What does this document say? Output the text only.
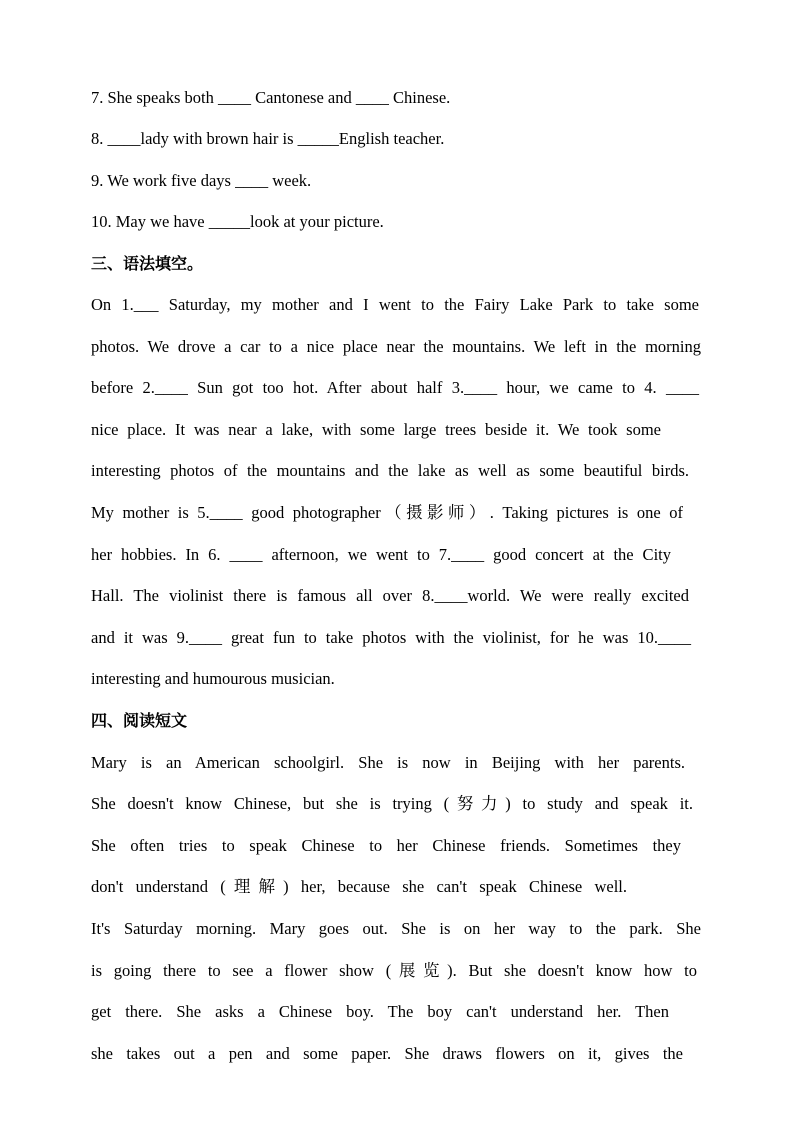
7. She speaks both ____ Cantonese and ____ Chinese.
8. ____lady with brown hair is _____English teacher.
9. We work five days ____ week.
10. May we have _____look at your picture.
三、语法填空。
On 1.___ Saturday, my mother and I went to the Fairy Lake Park to take some
photos. We drove a car to a nice place near the mountains. We left in the morning
before 2.____ Sun got too hot. After about half 3.____ hour, we came to 4. ____
nice place. It was near a lake, with some large trees beside it. We took some
interesting photos of the mountains and the lake as well as some beautiful birds.
My mother is 5.____ good photographer（摄影师）. Taking pictures is one of
her hobbies. In 6. ____ afternoon, we went to 7.____ good concert at the City
Hall. The violinist there is famous all over 8.____world. We were really excited
and it was 9.____ great fun to take photos with the violinist, for he was 10.____
interesting and humourous musician.
四、阅读短文
Mary is an American schoolgirl. She is now in Beijing with her parents.
She doesn't know Chinese, but she is trying (努力) to study and speak it.
She often tries to speak Chinese to her Chinese friends. Sometimes they
don't understand (理解) her, because she can't speak Chinese well.
It's Saturday morning. Mary goes out. She is on her way to the park. She
is going there to see a flower show (展览). But she doesn't know how to
get there. She asks a Chinese boy. The boy can't understand her. Then
she takes out a pen and some paper. She draws flowers on it, gives the
